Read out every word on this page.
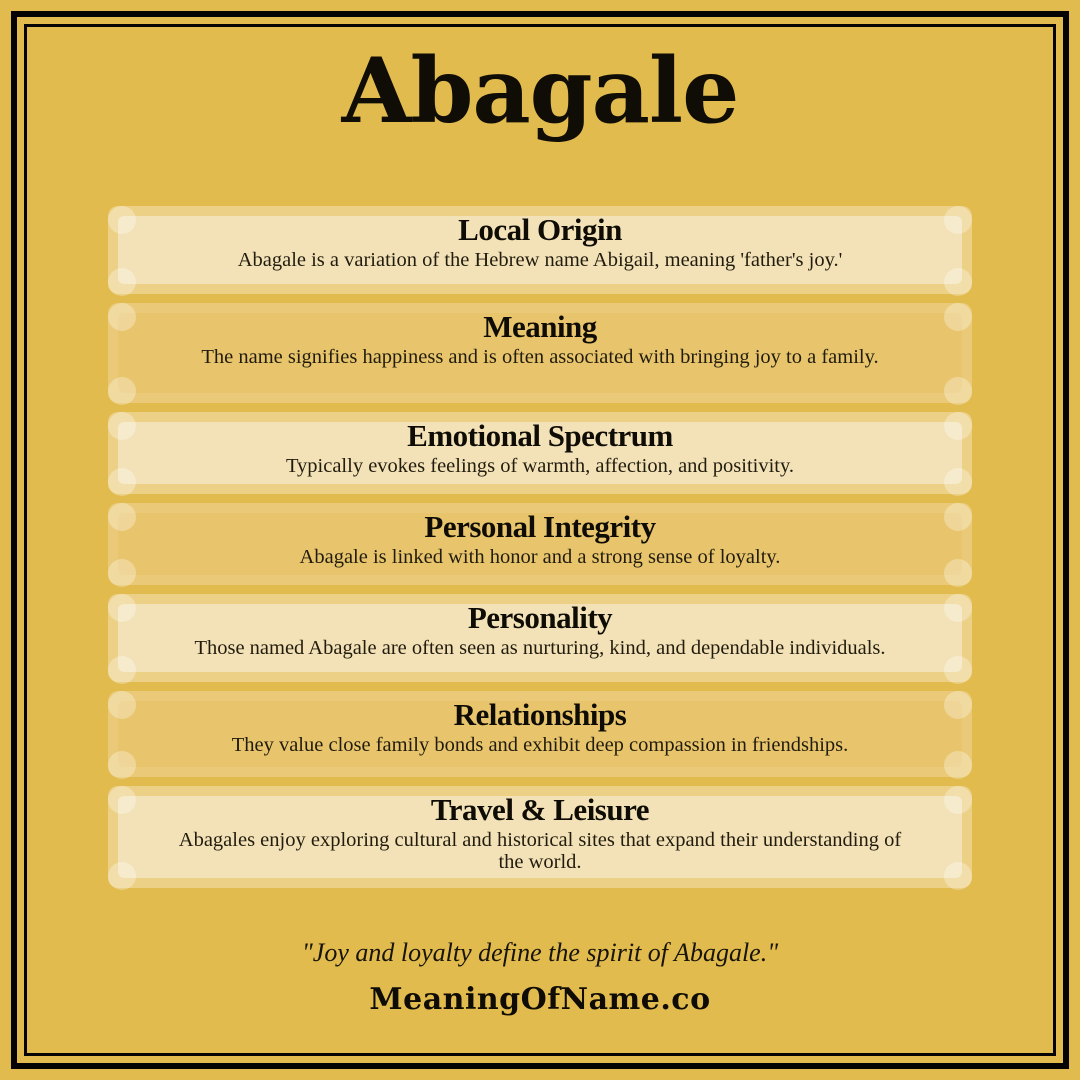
Abagale
Local Origin

Abagale is a variation of the Hebrew name Abigail, meaning 'father's joy.'

Meaning

The name signifies happiness and is often associated with bringing joy to a family.

Emotional Spectrum

Typically evokes feelings of warmth, affection, and positivity.

Personal Integrity

Abagale is linked with honor and a strong sense of loyalty.

Personality

Those named Abagale are often seen as nurturing, kind, and dependable individuals.

Relationships

They value close family bonds and exhibit deep compassion in friendships.

Travel & Leisure

Abagales enjoy exploring cultural and historical sites that expand their understanding of the world.

"Joy and loyalty define the spirit of Abagale."

MeaningOfName.co
